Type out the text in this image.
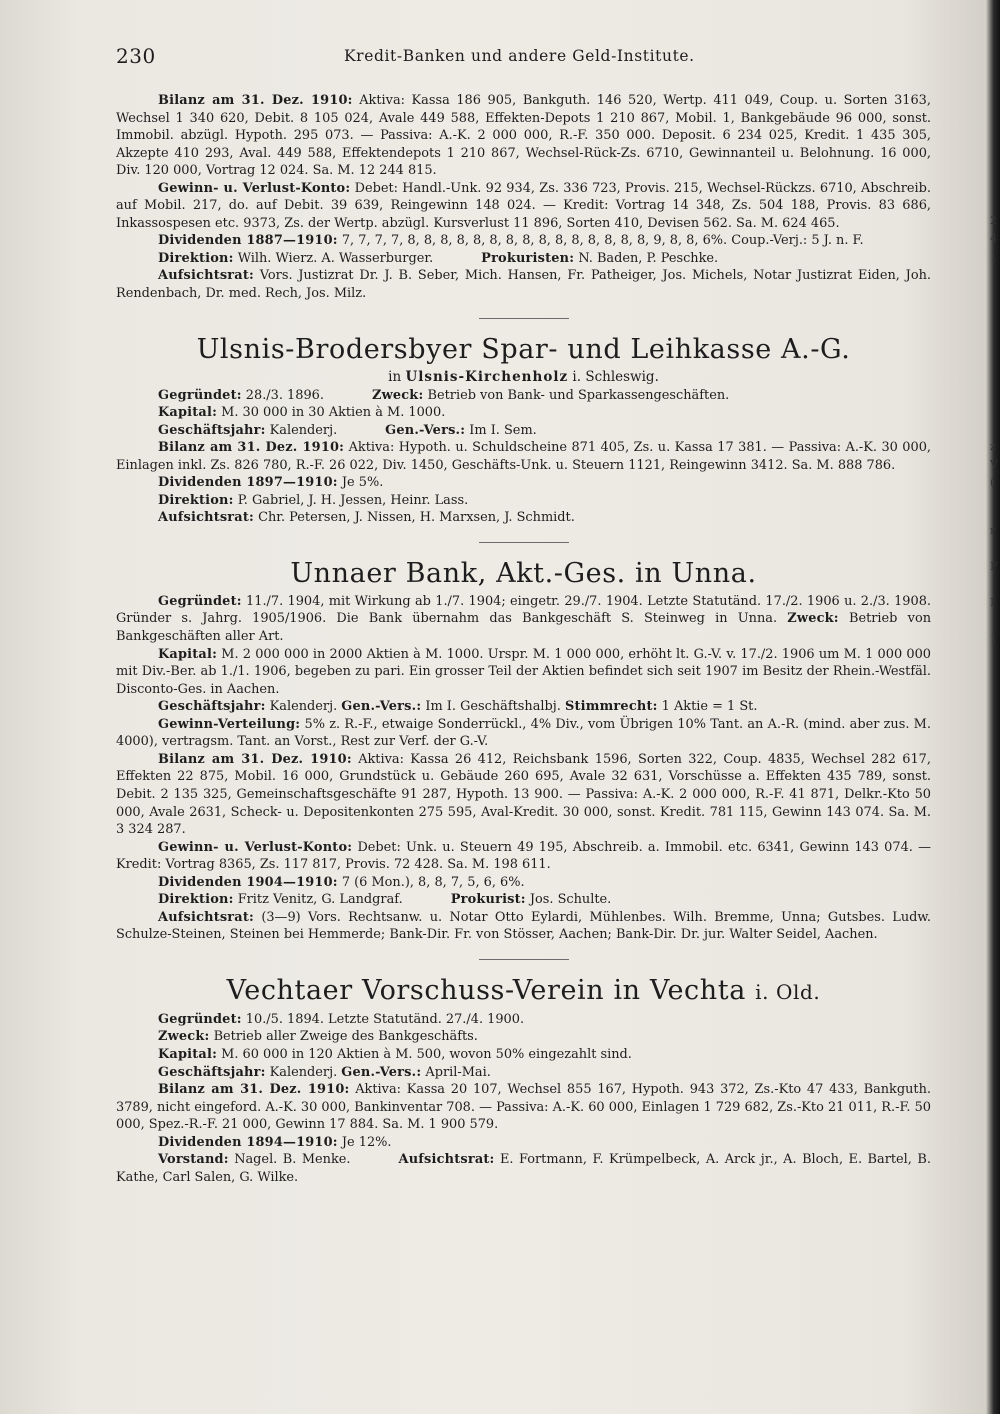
230	Kredit-Banken und andere Geld-Institute.

Bilanz am 31. Dez. 1910: Aktiva: Kassa 186 905, Bankguth. 146 520, Wertp. 411 049, Coup. u. Sorten 3163, Wechsel 1 340 620, Debit. 8 105 024, Avale 449 588, Effekten-Depots 1 210 867, Mobil. 1, Bankgebäude 96 000, sonst. Immobil. abzügl. Hypoth. 295 073. — Passiva: A.-K. 2 000 000, R.-F. 350 000. Deposit. 6 234 025, Kredit. 1 435 305, Akzepte 410 293, Aval. 449 588, Effektendepots 1 210 867, Wechsel-Rück-Zs. 6710, Gewinnanteil u. Belohnung. 16 000, Div. 120 000, Vortrag 12 024. Sa. M. 12 244 815.

Gewinn- u. Verlust-Konto: Debet: Handl.-Unk. 92 934, Zs. 336 723, Provis. 215, Wechsel-Rückzs. 6710, Abschreib. auf Mobil. 217, do. auf Debit. 39 639, Reingewinn 148 024. — Kredit: Vortrag 14 348, Zs. 504 188, Provis. 83 686, Inkassospesen etc. 9373, Zs. der Wertp. abzügl. Kursverlust 11 896, Sorten 410, Devisen 562. Sa. M. 624 465.

Dividenden 1887—1910: 7, 7, 7, 7, 8, 8, 8, 8, 8, 8, 8, 8, 8, 8, 8, 8, 8, 8, 8, 9, 8, 8, 6%. Coup.-Verj.: 5 J. n. F.

Direktion: Wilh. Wierz. A. Wasserburger.	Prokuristen: N. Baden, P. Peschke.

Aufsichtsrat: Vors. Justizrat Dr. J. B. Seber, Mich. Hansen, Fr. Patheiger, Jos. Michels, Notar Justizrat Eiden, Joh. Rendenbach, Dr. med. Rech, Jos. Milz.

Ulsnis-Brodersbyer Spar- und Leihkasse A.-G.
in Ulsnis-Kirchenholz i. Schleswig.

Gegründet: 28./3. 1896.	Zweck: Betrieb von Bank- und Sparkassengeschäften.

Kapital: M. 30 000 in 30 Aktien à M. 1000.

Geschäftsjahr: Kalenderj.	Gen.-Vers.: Im I. Sem.

Bilanz am 31. Dez. 1910: Aktiva: Hypoth. u. Schuldscheine 871 405, Zs. u. Kassa 17 381. — Passiva: A.-K. 30 000, Einlagen inkl. Zs. 826 780, R.-F. 26 022, Div. 1450, Geschäfts-Unk. u. Steuern 1121, Reingewinn 3412. Sa. M. 888 786.

Dividenden 1897—1910: Je 5%.

Direktion: P. Gabriel, J. H. Jessen, Heinr. Lass.

Aufsichtsrat: Chr. Petersen, J. Nissen, H. Marxsen, J. Schmidt.

Unnaer Bank, Akt.-Ges. in Unna.

Gegründet: 11./7. 1904, mit Wirkung ab 1./7. 1904; eingetr. 29./7. 1904. Letzte Statutänd. 17./2. 1906 u. 2./3. 1908. Gründer s. Jahrg. 1905/1906. Die Bank übernahm das Bankgeschäft S. Steinweg in Unna. Zweck: Betrieb von Bankgeschäften aller Art.

Kapital: M. 2 000 000 in 2000 Aktien à M. 1000. Urspr. M. 1 000 000, erhöht lt. G.-V. v. 17./2. 1906 um M. 1 000 000 mit Div.-Ber. ab 1./1. 1906, begeben zu pari. Ein grosser Teil der Aktien befindet sich seit 1907 im Besitz der Rhein.-Westfäl. Disconto-Ges. in Aachen.

Geschäftsjahr: Kalenderj. Gen.-Vers.: Im I. Geschäftshalbj. Stimmrecht: 1 Aktie = 1 St.

Gewinn-Verteilung: 5% z. R.-F., etwaige Sonderrückl., 4% Div., vom Übrigen 10% Tant. an A.-R. (mind. aber zus. M. 4000), vertragsm. Tant. an Vorst., Rest zur Verf. der G.-V.

Bilanz am 31. Dez. 1910: Aktiva: Kassa 26 412, Reichsbank 1596, Sorten 322, Coup. 4835, Wechsel 282 617, Effekten 22 875, Mobil. 16 000, Grundstück u. Gebäude 260 695, Avale 32 631, Vorschüsse a. Effekten 435 789, sonst. Debit. 2 135 325, Gemeinschaftsgeschäfte 91 287, Hypoth. 13 900. — Passiva: A.-K. 2 000 000, R.-F. 41 871, Delkr.-Kto 50 000, Avale 2631, Scheck- u. Depositenkonten 275 595, Aval-Kredit. 30 000, sonst. Kredit. 781 115, Gewinn 143 074. Sa. M. 3 324 287.

Gewinn- u. Verlust-Konto: Debet: Unk. u. Steuern 49 195, Abschreib. a. Immobil. etc. 6341, Gewinn 143 074. — Kredit: Vortrag 8365, Zs. 117 817, Provis. 72 428. Sa. M. 198 611.

Dividenden 1904—1910: 7 (6 Mon.), 8, 8, 7, 5, 6, 6%.

Direktion: Fritz Venitz, G. Landgraf.	Prokurist: Jos. Schulte.

Aufsichtsrat: (3—9) Vors. Rechtsanw. u. Notar Otto Eylardi, Mühlenbes. Wilh. Bremme, Unna; Gutsbes. Ludw. Schulze-Steinen, Steinen bei Hemmerde; Bank-Dir. Fr. von Stösser, Aachen; Bank-Dir. Dr. jur. Walter Seidel, Aachen.

Vechtaer Vorschuss-Verein in Vechta i. Old.

Gegründet: 10./5. 1894. Letzte Statutänd. 27./4. 1900.

Zweck: Betrieb aller Zweige des Bankgeschäfts.

Kapital: M. 60 000 in 120 Aktien à M. 500, wovon 50% eingezahlt sind.

Geschäftsjahr: Kalenderj. Gen.-Vers.: April-Mai.

Bilanz am 31. Dez. 1910: Aktiva: Kassa 20 107, Wechsel 855 167, Hypoth. 943 372, Zs.-Kto 47 433, Bankguth. 3789, nicht eingeford. A.-K. 30 000, Bankinventar 708. — Passiva: A.-K. 60 000, Einlagen 1 729 682, Zs.-Kto 21 011, R.-F. 50 000, Spez.-R.-F. 21 000, Gewinn 17 884. Sa. M. 1 900 579.

Dividenden 1894—1910: Je 12%.

Vorstand: Nagel. B. Menke.	Aufsichtsrat: E. Fortmann, F. Krümpelbeck, A. Arck jr., A. Bloch, E. Bartel, B. Kathe, Carl Salen, G. Wilke.

2
4
1
z
V
(
r
F
I
1
